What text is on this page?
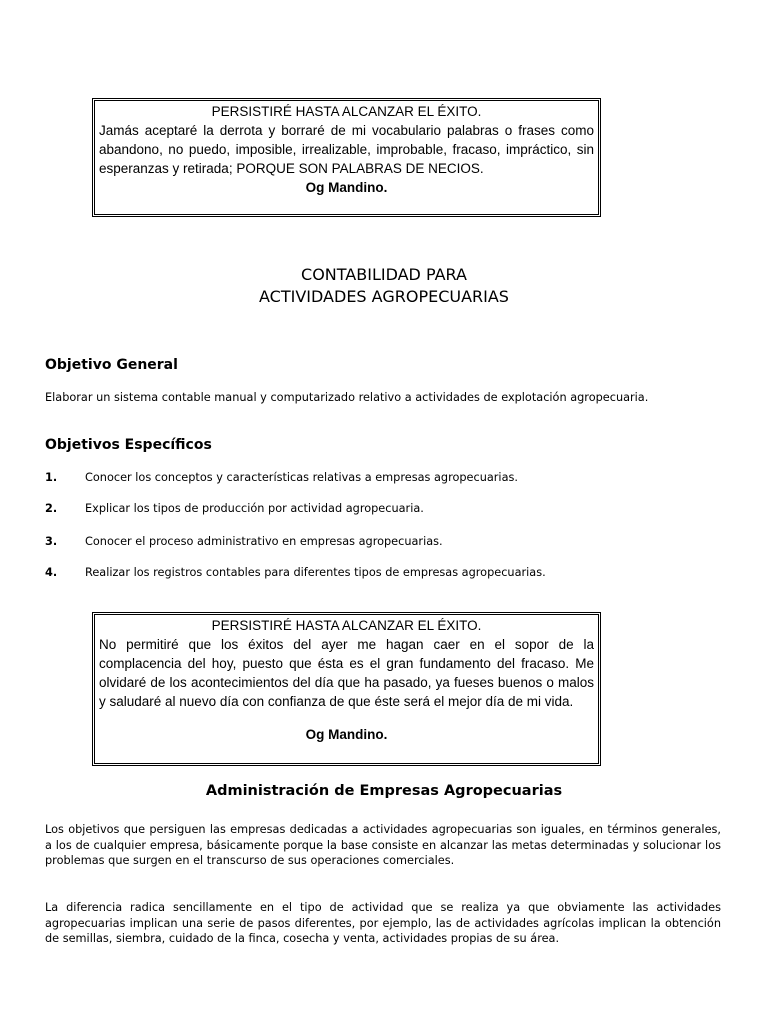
PERSISTIRÉ HASTA ALCANZAR EL ÉXITO.
Jamás aceptaré la derrota y borraré de mi vocabulario palabras o frases como abandono, no puedo, imposible, irrealizable, improbable, fracaso, impráctico, sin esperanzas y retirada; PORQUE SON PALABRAS DE NECIOS.
Og Mandino.
CONTABILIDAD PARA
ACTIVIDADES AGROPECUARIAS
Objetivo General
Elaborar un sistema contable manual y computarizado relativo a actividades de explotación agropecuaria.
Objetivos Específicos
1. Conocer los conceptos y características relativas a empresas agropecuarias.
2. Explicar los tipos de producción por actividad agropecuaria.
3. Conocer el proceso administrativo en empresas agropecuarias.
4. Realizar los registros contables para diferentes tipos de empresas agropecuarias.
PERSISTIRÉ HASTA ALCANZAR EL ÉXITO.
No permitiré que los éxitos del ayer me hagan caer en el sopor de la complacencia del hoy, puesto que ésta es el gran fundamento del fracaso. Me olvidaré de los acontecimientos del día que ha pasado, ya fueses buenos o malos y saludaré al nuevo día con confianza de que éste será el mejor día de mi vida.
Og Mandino.
Administración de Empresas Agropecuarias
Los objetivos que persiguen las empresas dedicadas a actividades agropecuarias son iguales, en términos generales, a los de cualquier empresa, básicamente porque la base consiste en alcanzar las metas determinadas y solucionar los problemas que surgen en el transcurso de sus operaciones comerciales.
La diferencia radica sencillamente en el tipo de actividad que se realiza ya que obviamente las actividades agropecuarias implican una serie de pasos diferentes, por ejemplo, las de actividades agrícolas implican la obtención de semillas, siembra, cuidado de la finca, cosecha y venta, actividades propias de su área.
